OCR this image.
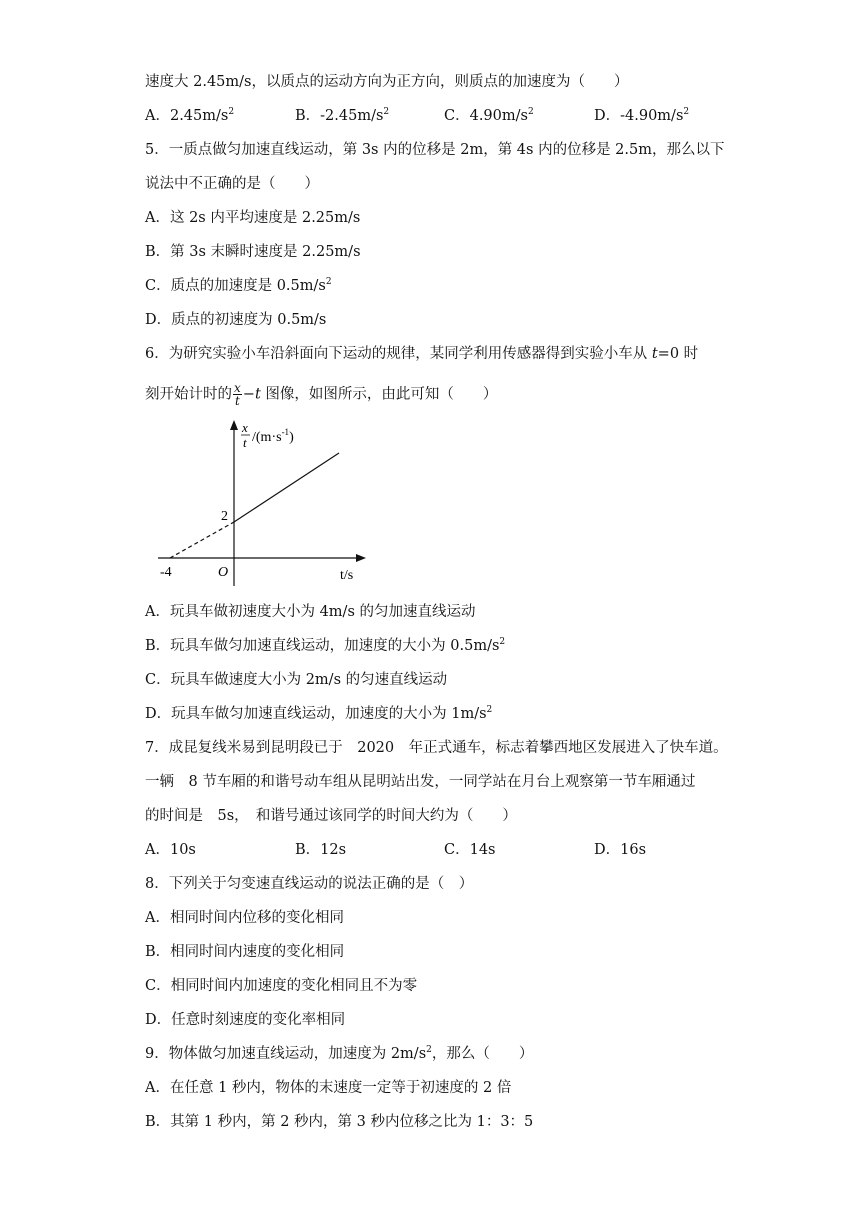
速度大 2.45m/s，以质点的运动方向为正方向，则质点的加速度为（　　）
A．$2.45m/s^2$	B．$-2.45m/s^2$	C．$4.90m/s^2$	D．$-4.90m/s^2$
5．一质点做匀加速直线运动，第 3s 内的位移是 2m，第 4s 内的位移是 2.5m，那么以下
说法中不正确的是（　　）
A．这 2s 内平均速度是 2.25m/s
B．第 3s 末瞬时速度是 2.25m/s
C．质点的加速度是 $0.5m/s^2$
D．质点的初速度为 0.5m/s
6．为研究实验小车沿斜面向下运动的规律，某同学利用传感器得到实验小车从 t=0 时
刻开始计时的 $\frac{x}{t} -t$ 图像，如图所示，由此可知（　　）
x
t $/(m\cdot s^{-1})$
2
-4	O	t/s
A．玩具车做初速度大小为 4m/s 的匀加速直线运动
B．玩具车做匀加速直线运动，加速度的大小为 $0.5m/s^2$
C．玩具车做速度大小为 2m/s 的匀速直线运动
D．玩具车做匀加速直线运动，加速度的大小为 $1m/s^2$
7．成昆复线米易到昆明段已于　2020　年正式通车，标志着攀西地区发展进入了快车道。
一辆　8 节车厢的和谐号动车组从昆明站出发，一同学站在月台上观察第一节车厢通过
的时间是　5s，　和谐号通过该同学的时间大约为（　　）
A．10s	B．12s	C．14s	D．16s
8．下列关于匀变速直线运动的说法正确的是（　）
A．相同时间内位移的变化相同
B．相同时间内速度的变化相同
C．相同时间内加速度的变化相同且不为零
D．任意时刻速度的变化率相同
9．物体做匀加速直线运动，加速度为 $2m/s^2$，那么（　　）
A．在任意 1 秒内，物体的末速度一定等于初速度的 2 倍
B．其第 1 秒内，第 2 秒内，第 3 秒内位移之比为 1：3：5
